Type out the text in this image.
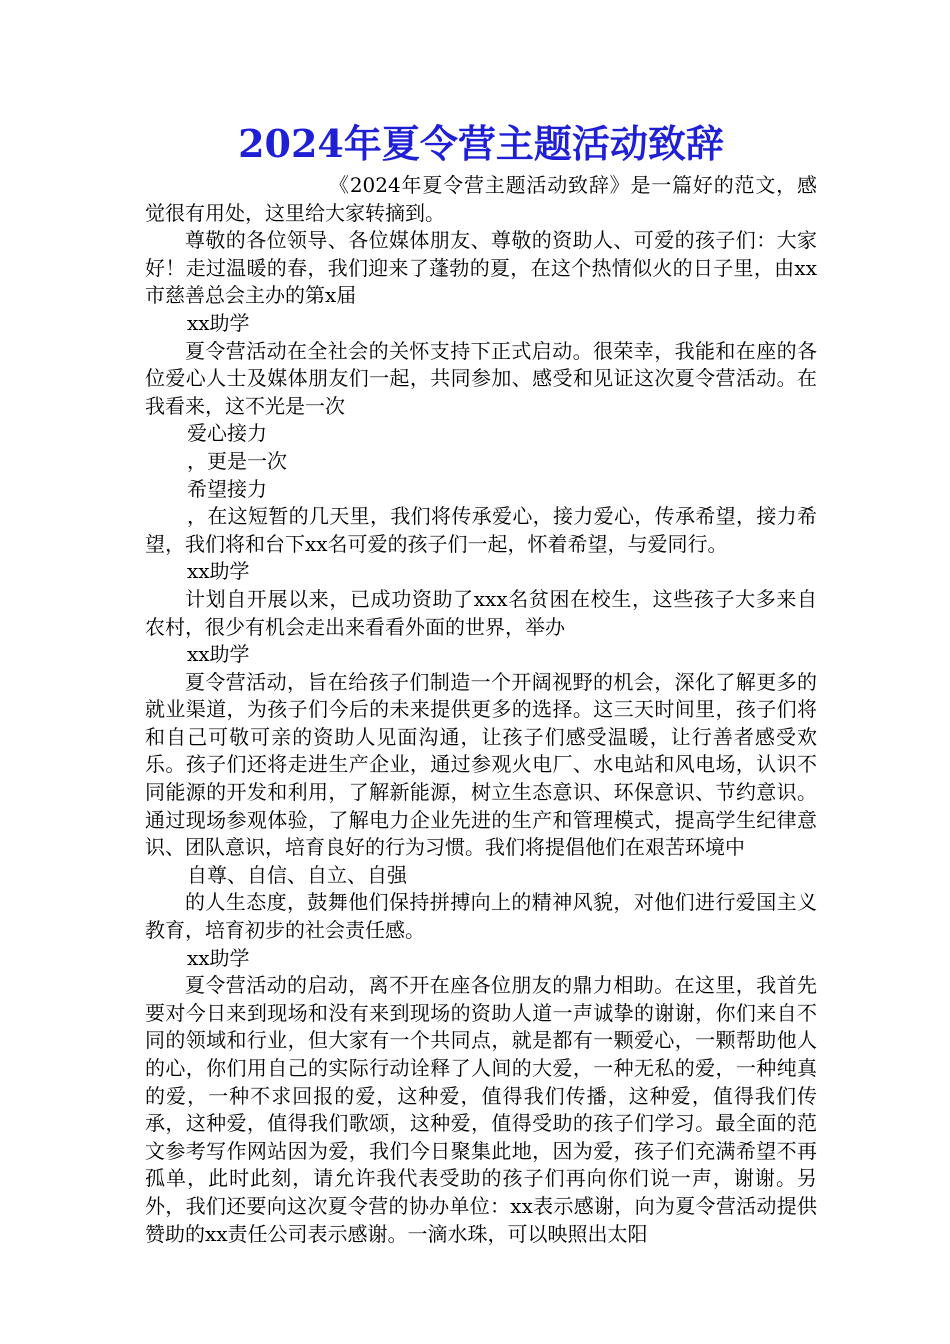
2024年夏令营主题活动致辞

《2024年夏令营主题活动致辞》是一篇好的范文，感觉很有用处，这里给大家转摘到。

尊敬的各位领导、各位媒体朋友、尊敬的资助人、可爱的孩子们：大家好！走过温暖的春，我们迎来了蓬勃的夏，在这个热情似火的日子里，由xx市慈善总会主办的第x届

xx助学

夏令营活动在全社会的关怀支持下正式启动。很荣幸，我能和在座的各位爱心人士及媒体朋友们一起，共同参加、感受和见证这次夏令营活动。在我看来，这不光是一次

爱心接力

，更是一次

希望接力

，在这短暂的几天里，我们将传承爱心，接力爱心，传承希望，接力希望，我们将和台下xx名可爱的孩子们一起，怀着希望，与爱同行。

xx助学

计划自开展以来，已成功资助了xxx名贫困在校生，这些孩子大多来自农村，很少有机会走出来看看外面的世界，举办

xx助学

夏令营活动，旨在给孩子们制造一个开阔视野的机会，深化了解更多的就业渠道，为孩子们今后的未来提供更多的选择。这三天时间里，孩子们将和自己可敬可亲的资助人见面沟通，让孩子们感受温暖，让行善者感受欢乐。孩子们还将走进生产企业，通过参观火电厂、水电站和风电场，认识不同能源的开发和利用，了解新能源，树立生态意识、环保意识、节约意识。通过现场参观体验，了解电力企业先进的生产和管理模式，提高学生纪律意识、团队意识，培育良好的行为习惯。我们将提倡他们在艰苦环境中

自尊、自信、自立、自强

的人生态度，鼓舞他们保持拼搏向上的精神风貌，对他们进行爱国主义教育，培育初步的社会责任感。

xx助学

夏令营活动的启动，离不开在座各位朋友的鼎力相助。在这里，我首先要对今日来到现场和没有来到现场的资助人道一声诚挚的谢谢，你们来自不同的领域和行业，但大家有一个共同点，就是都有一颗爱心，一颗帮助他人的心，你们用自己的实际行动诠释了人间的大爱，一种无私的爱，一种纯真的爱，一种不求回报的爱，这种爱，值得我们传播，这种爱，值得我们传承，这种爱，值得我们歌颂，这种爱，值得受助的孩子们学习。最全面的范文参考写作网站因为爱，我们今日聚集此地，因为爱，孩子们充满希望不再孤单，此时此刻，请允许我代表受助的孩子们再向你们说一声，谢谢。另外，我们还要向这次夏令营的协办单位：xx表示感谢，向为夏令营活动提供赞助的xx责任公司表示感谢。一滴水珠，可以映照出太阳
